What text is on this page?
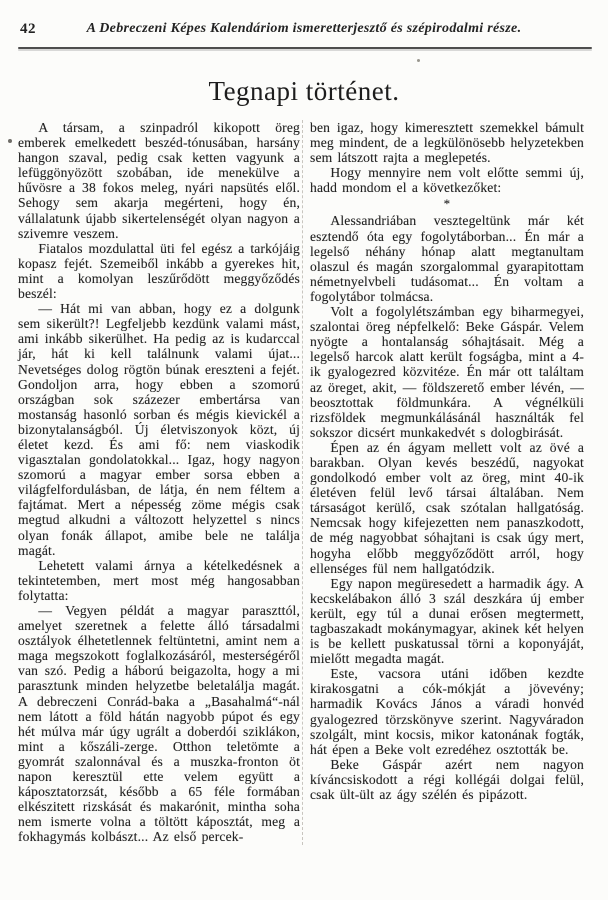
42	A Debreczeni Képes Kalendáriom ismeretterjesztő és szépirodalmi része.
Tegnapi történet.

A társam, a szinpadról kikopott öreg emberek emelkedett beszéd-tónusában, harsány hangon szaval, pedig csak ketten vagyunk a lefüggönyözött szobában, ide menekülve a hűvösre a 38 fokos meleg, nyári napsütés elől. Sehogy sem akarja megérteni, hogy én, vállalatunk újabb sikertelenségét olyan nagyon a szivemre veszem.

Fiatalos mozdulattal üti fel egész a tarkójáig kopasz fejét. Szemeiből inkább a gyerekes hit, mint a komolyan leszűrődött meggyőződés beszél:

— Hát mi van abban, hogy ez a dolgunk sem sikerült?! Legfeljebb kezdünk valami mást, ami inkább sikerülhet. Ha pedig az is kudarccal jár, hát ki kell találnunk valami újat... Nevetséges dolog rögtön búnak ereszteni a fejét. Gondoljon arra, hogy ebben a szomorú országban sok százezer embertársa van mostanság hasonló sorban és mégis kievickél a bizonytalanságból. Új életviszonyok közt, új életet kezd. És ami fő: nem viaskodik vigasztalan gondolatokkal... Igaz, hogy nagyon szomorú a magyar ember sorsa ebben a világfelfordulásban, de látja, én nem féltem a fajtámat. Mert a népesség zöme mégis csak megtud alkudni a változott helyzettel s nincs olyan fonák állapot, amibe bele ne találja magát.

Lehetett valami árnya a kételkedésnek a tekintetemben, mert most még hangosabban folytatta:

— Vegyen példát a magyar paraszttól, amelyet szeretnek a felette álló társadalmi osztályok élhetetlennek feltüntetni, amint nem a maga megszokott foglalkozásáról, mesterségéről van szó. Pedig a háború beigazolta, hogy a mi parasztunk minden helyzetbe beletalálja magát. A debreczeni Conrád-baka a „Basahalmá“-nál nem látott a föld hátán nagyobb púpot és egy hét múlva már úgy ugrált a doberdói sziklákon, mint a kőszáli-zerge. Otthon teletömte a gyomrát szalonnával és a muszka-fronton öt napon keresztül ette velem együtt a káposztatorzsát, később a 65 féle formában elkészitett rizskását és makarónit, mintha soha nem ismerte volna a töltött káposztát, meg a fokhagymás kolbászt... Az első percek-

ben igaz, hogy kimeresztett szemekkel bámult meg mindent, de a legkülönösebb helyzetekben sem látszott rajta a meglepetés.

Hogy mennyire nem volt előtte semmi új, hadd mondom el a következőket:

*

Alessandriában vesztegeltünk már két esztendő óta egy fogolytáborban... Én már a legelső néhány hónap alatt megtanultam olaszul és magán szorgalommal gyarapitottam németnyelvbeli tudásomat... Én voltam a fogolytábor tolmácsa.

Volt a fogolylétszámban egy biharmegyei, szalontai öreg népfelkelő: Beke Gáspár. Velem nyögte a hontalanság sóhajtásait. Még a legelső harcok alatt került fogságba, mint a 4-ik gyalogezred közvitéze. Én már ott találtam az öreget, akit, — földszerető ember lévén, — beosztottak földmunkára. A végnélküli rizsföldek megmunkálásánál használták fel sokszor dicsért munkakedvét s dologbirását.

Épen az én ágyam mellett volt az övé a barakban. Olyan kevés beszédű, nagyokat gondolkodó ember volt az öreg, mint 40-ik életéven felül levő társai általában. Nem társaságot kerülő, csak szótalan hallgatóság. Nemcsak hogy kifejezetten nem panaszkodott, de még nagyobbat sóhajtani is csak úgy mert, hogyha előbb meggyőződött arról, hogy ellenséges fül nem hallgatódzik.

Egy napon megüresedett a harmadik ágy. A kecskelábakon álló 3 szál deszkára új ember került, egy túl a dunai erősen megtermett, tagbaszakadt mokánymagyar, akinek két helyen is be kellett puskatussal törni a koponyáját, mielőtt megadta magát.

Este, vacsora utáni időben kezdte kirakosgatni a cók-mókját a jövevény; harmadik Kovács János a váradi honvéd gyalogezred törzskönyve szerint. Nagyváradon szolgált, mint kocsis, mikor katonának fogták, hát épen a Beke volt ezredéhez osztották be.

Beke Gáspár azért nem nagyon kíváncsiskodott a régi kollégái dolgai felül, csak ült-ült az ágy szélén és pipázott.
